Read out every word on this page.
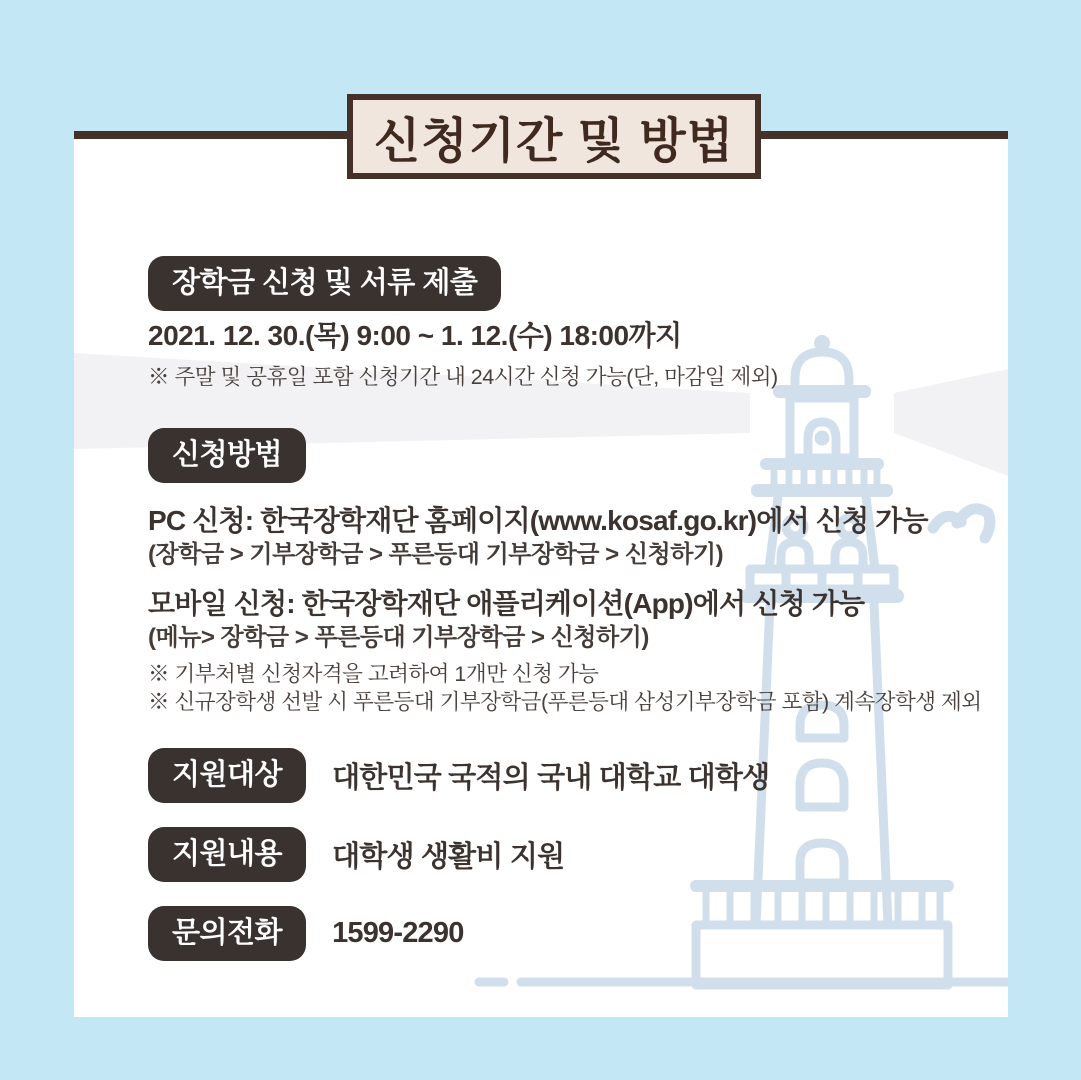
신청기간 및 방법
장학금 신청 및 서류 제출
2021. 12. 30.(목) 9:00 ~ 1. 12.(수) 18:00까지
※ 주말 및 공휴일 포함 신청기간 내 24시간 신청 가능(단, 마감일 제외)
신청방법
PC 신청: 한국장학재단 홈페이지(www.kosaf.go.kr)에서 신청 가능
(장학금 > 기부장학금 > 푸른등대 기부장학금 > 신청하기)
모바일 신청: 한국장학재단 애플리케이션(App)에서 신청 가능
(메뉴> 장학금 > 푸른등대 기부장학금 > 신청하기)
※ 기부처별 신청자격을 고려하여 1개만 신청 가능
※ 신규장학생 선발 시 푸른등대 기부장학금(푸른등대 삼성기부장학금 포함) 계속장학생 제외
지원대상	대한민국 국적의 국내 대학교 대학생
지원내용	대학생 생활비 지원
문의전화	1599-2290
